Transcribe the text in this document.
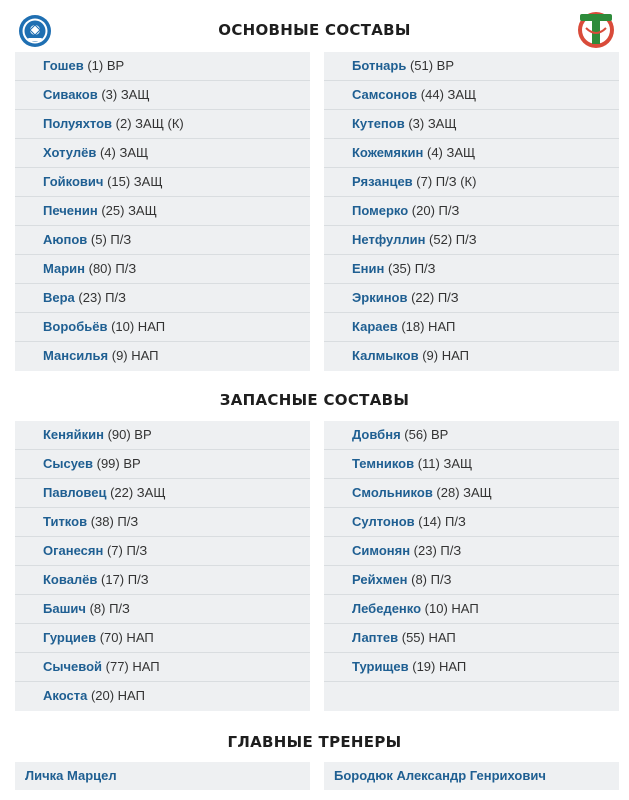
ОСНОВНЫЕ СОСТАВЫ
Гошев (1) ВР
Сиваков (3) ЗАЩ
Полуяхтов (2) ЗАЩ (К)
Хотулёв (4) ЗАЩ
Гойкович (15) ЗАЩ
Печенин (25) ЗАЩ
Аюпов (5) П/З
Марин (80) П/З
Вера (23) П/З
Воробьёв (10) НАП
Мансилья (9) НАП
Ботнарь (51) ВР
Самсонов (44) ЗАЩ
Кутепов (3) ЗАЩ
Кожемякин (4) ЗАЩ
Рязанцев (7) П/З (К)
Померко (20) П/З
Нетфуллин (52) П/З
Енин (35) П/З
Эркинов (22) П/З
Караев (18) НАП
Калмыков (9) НАП
ЗАПАСНЫЕ СОСТАВЫ
Кеняйкин (90) ВР
Сысуев (99) ВР
Павловец (22) ЗАЩ
Титков (38) П/З
Оганесян (7) П/З
Ковалёв (17) П/З
Башич (8) П/З
Гурциев (70) НАП
Сычевой (77) НАП
Акоста (20) НАП
Довбня (56) ВР
Темников (11) ЗАЩ
Смольников (28) ЗАЩ
Султонов (14) П/З
Симонян (23) П/З
Рейхмен (8) П/З
Лебеденко (10) НАП
Лаптев (55) НАП
Турищев (19) НАП
ГЛАВНЫЕ ТРЕНЕРЫ
Личка Марцел	Бородюк Александр Генрихович
